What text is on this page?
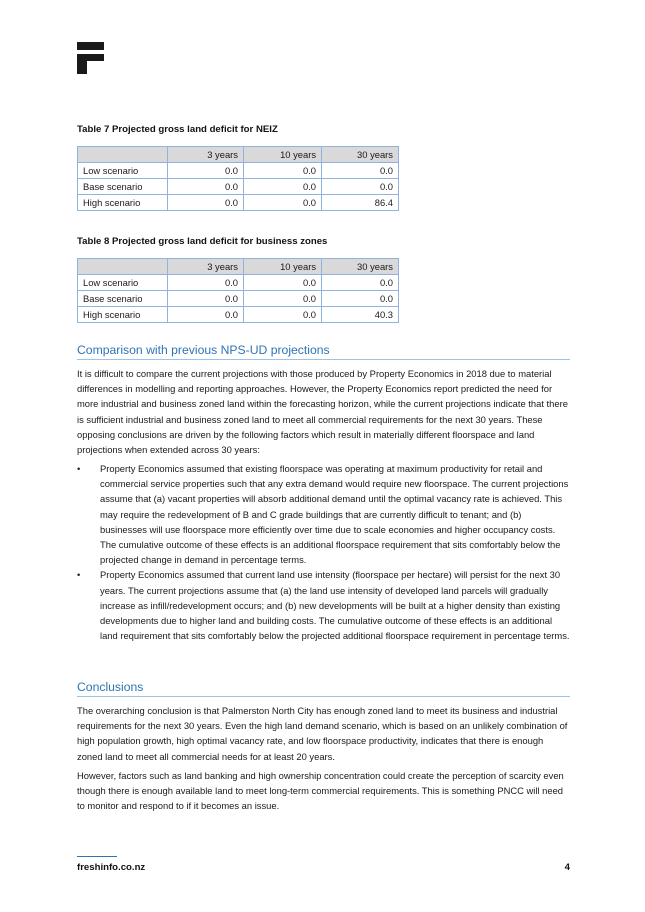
Table 7 Projected gross land deficit for NEIZ
	3 years	10 years	30 years
Low scenario	0.0	0.0	0.0
Base scenario	0.0	0.0	0.0
High scenario	0.0	0.0	86.4
Table 8 Projected gross land deficit for business zones
	3 years	10 years	30 years
Low scenario	0.0	0.0	0.0
Base scenario	0.0	0.0	0.0
High scenario	0.0	0.0	40.3
Comparison with previous NPS-UD projections

It is difficult to compare the current projections with those produced by Property Economics in 2018 due to material differences in modelling and reporting approaches. However, the Property Economics report predicted the need for more industrial and business zoned land within the forecasting horizon, while the current projections indicate that there is sufficient industrial and business zoned land to meet all commercial requirements for the next 30 years. These opposing conclusions are driven by the following factors which result in materially different floorspace and land projections when extended across 30 years:

• Property Economics assumed that existing floorspace was operating at maximum productivity for retail and commercial service properties such that any extra demand would require new floorspace. The current projections assume that (a) vacant properties will absorb additional demand until the optimal vacancy rate is achieved. This may require the redevelopment of B and C grade buildings that are currently difficult to tenant; and (b) businesses will use floorspace more efficiently over time due to scale economies and higher occupancy costs. The cumulative outcome of these effects is an additional floorspace requirement that sits comfortably below the projected change in demand in percentage terms.
• Property Economics assumed that current land use intensity (floorspace per hectare) will persist for the next 30 years. The current projections assume that (a) the land use intensity of developed land parcels will gradually increase as infill/redevelopment occurs; and (b) new developments will be built at a higher density than existing developments due to higher land and building costs. The cumulative outcome of these effects is an additional land requirement that sits comfortably below the projected additional floorspace requirement in percentage terms.
Conclusions

The overarching conclusion is that Palmerston North City has enough zoned land to meet its business and industrial requirements for the next 30 years. Even the high land demand scenario, which is based on an unlikely combination of high population growth, high optimal vacancy rate, and low floorspace productivity, indicates that there is enough zoned land to meet all commercial needs for at least 20 years.

However, factors such as land banking and high ownership concentration could create the perception of scarcity even though there is enough available land to meet long-term commercial requirements. This is something PNCC will need to monitor and respond to if it becomes an issue.

freshinfo.co.nz	4
